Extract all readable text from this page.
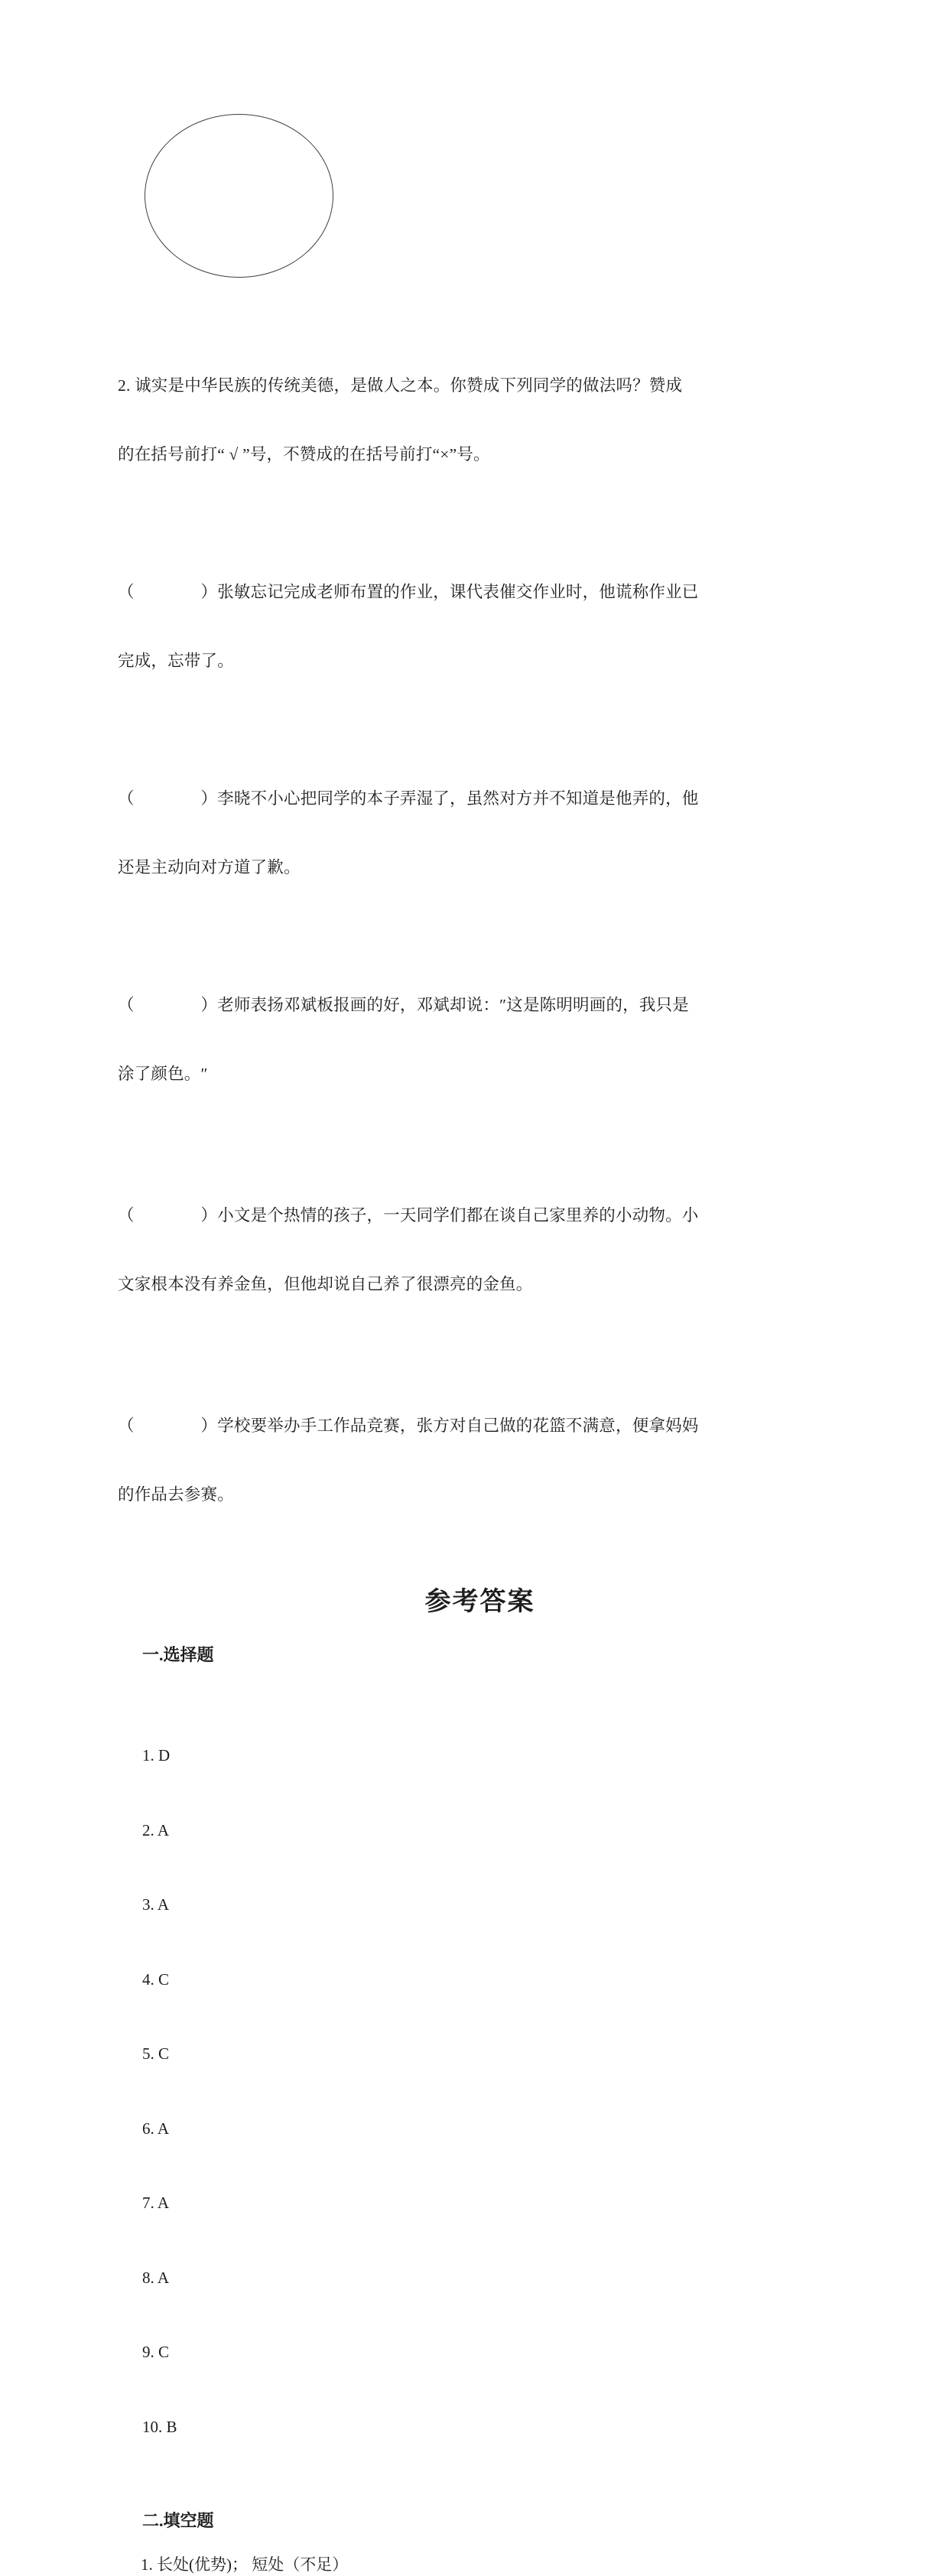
2. 诚实是中华民族的传统美德，是做人之本。你赞成下列同学的做法吗？赞成

的在括号前打“ √ ”号，不赞成的在括号前打“×”号。

（　　　　）张敏忘记完成老师布置的作业，课代表催交作业时，他谎称作业已

完成，忘带了。

（　　　　）李晓不小心把同学的本子弄湿了，虽然对方并不知道是他弄的，他

还是主动向对方道了歉。

（　　　　）老师表扬邓斌板报画的好，邓斌却说：″这是陈明明画的，我只是

涂了颜色。″

（　　　　）小文是个热情的孩子，一天同学们都在谈自己家里养的小动物。小

文家根本没有养金鱼，但他却说自己养了很漂亮的金鱼。

（　　　　）学校要举办手工作品竞赛，张方对自己做的花篮不满意，便拿妈妈

的作品去参赛。

参考答案
一.选择题

1. D

2. A

3. A

4. C

5. C

6. A

7. A

8. A

9. C

10. B

二.填空题
1. 长处(优势)； 短处（不足）
